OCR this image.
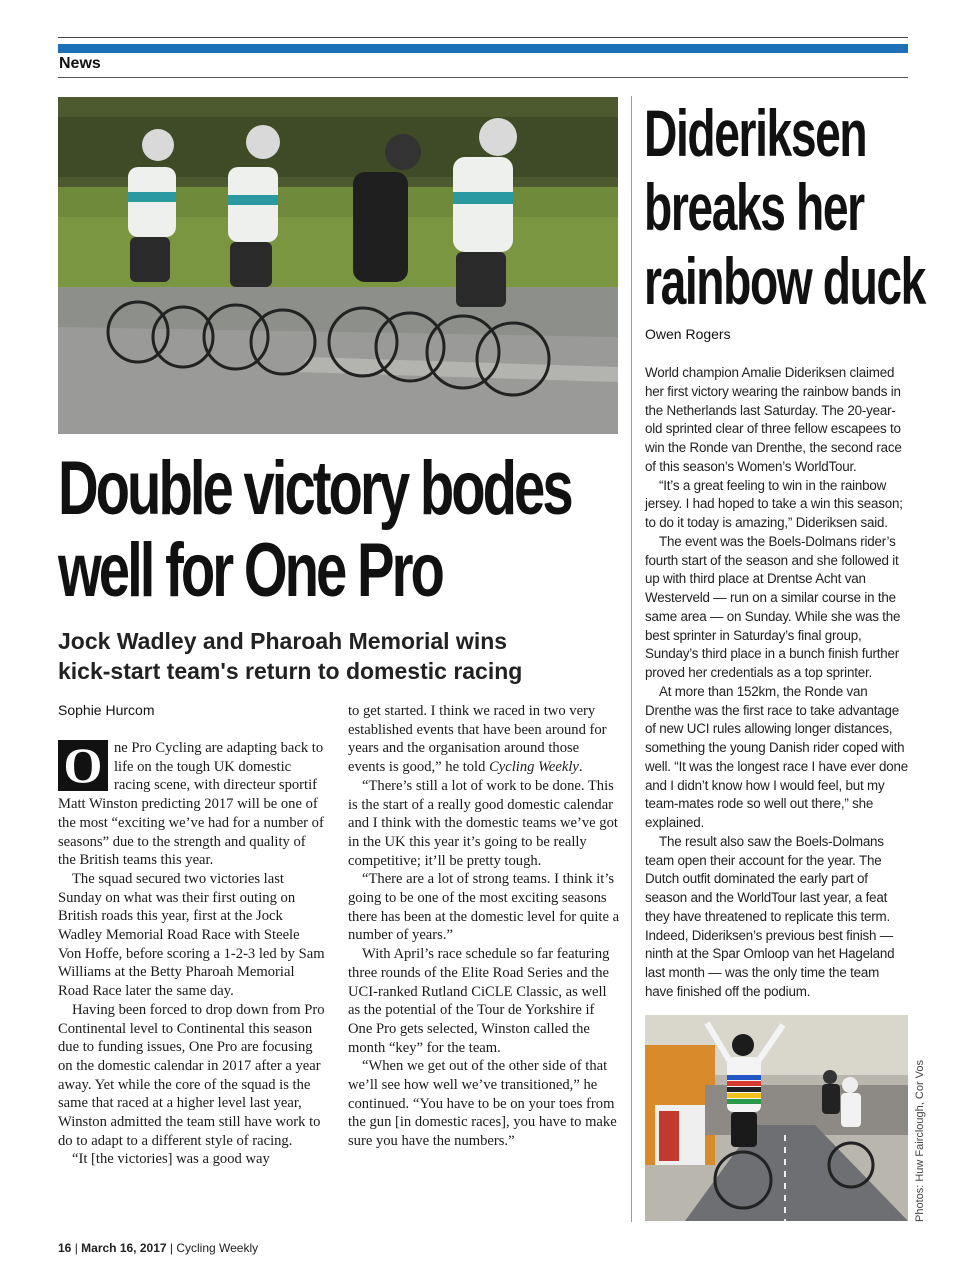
News
Double victory bodes
well for One Pro
Jock Wadley and Pharoah Memorial wins
kick-start team's return to domestic racing
Sophie Hurcom

O ne Pro Cycling are adapting back to life on the tough UK domestic racing scene, with directeur sportif Matt Winston predicting 2017 will be one of the most “exciting we’ve had for a number of seasons” due to the strength and quality of the British teams this year.

The squad secured two victories last Sunday on what was their first outing on British roads this year, first at the Jock Wadley Memorial Road Race with Steele Von Hoffe, before scoring a 1-2-3 led by Sam Williams at the Betty Pharoah Memorial Road Race later the same day.

Having been forced to drop down from Pro Continental level to Continental this season due to funding issues, One Pro are focusing on the domestic calendar in 2017 after a year away. Yet while the core of the squad is the same that raced at a higher level last year, Winston admitted the team still have work to do to adapt to a different style of racing.

“It [the victories] was a good way

to get started. I think we raced in two very established events that have been around for years and the organisation around those events is good,” he told Cycling Weekly.

“There’s still a lot of work to be done. This is the start of a really good domestic calendar and I think with the domestic teams we’ve got in the UK this year it’s going to be really competitive; it’ll be pretty tough.

“There are a lot of strong teams. I think it’s going to be one of the most exciting seasons there has been at the domestic level for quite a number of years.”

With April’s race schedule so far featuring three rounds of the Elite Road Series and the UCI-ranked Rutland CiCLE Classic, as well as the potential of the Tour de Yorkshire if One Pro gets selected, Winston called the month “key” for the team.

“When we get out of the other side of that we’ll see how well we’ve transitioned,” he continued. “You have to be on your toes from the gun [in domestic races], you have to make sure you have the numbers.”

Dideriksen
breaks her
rainbow duck
Owen Rogers

World champion Amalie Dideriksen claimed her first victory wearing the rainbow bands in the Netherlands last Saturday. The 20-year-old sprinted clear of three fellow escapees to win the Ronde van Drenthe, the second race of this season’s Women’s WorldTour.

“It’s a great feeling to win in the rainbow jersey. I had hoped to take a win this season; to do it today is amazing,” Dideriksen said.

The event was the Boels-Dolmans rider’s fourth start of the season and she followed it up with third place at Drentse Acht van Westerveld — run on a similar course in the same area — on Sunday. While she was the best sprinter in Saturday’s final group, Sunday’s third place in a bunch finish further proved her credentials as a top sprinter.

At more than 152km, the Ronde van Drenthe was the first race to take advantage of new UCI rules allowing longer distances, something the young Danish rider coped with well. “It was the longest race I have ever done and I didn’t know how I would feel, but my team-mates rode so well out there,” she explained.

The result also saw the Boels-Dolmans team open their account for the year. The Dutch outfit dominated the early part of season and the WorldTour last year, a feat they have threatened to replicate this term. Indeed, Dideriksen’s previous best finish — ninth at the Spar Omloop van het Hageland last month — was the only time the team have finished off the podium.

Photos: Huw Fairclough, Cor Vos
16 | March 16, 2017 | Cycling Weekly
